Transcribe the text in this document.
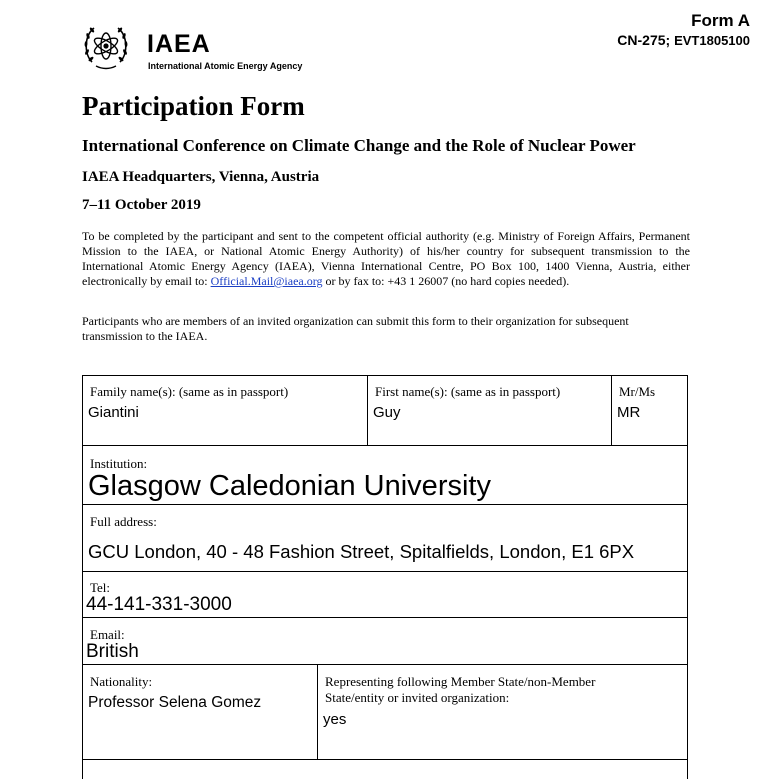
IAEA
International Atomic Energy Agency
Form A
CN-275; EVT1805100
Participation Form
International Conference on Climate Change and the Role of Nuclear Power
IAEA Headquarters, Vienna, Austria
7–11 October 2019

To be completed by the participant and sent to the competent official authority (e.g. Ministry of Foreign Affairs, Permanent Mission to the IAEA, or National Atomic Energy Authority) of his/her country for subsequent transmission to the International Atomic Energy Agency (IAEA), Vienna International Centre, PO Box 100, 1400 Vienna, Austria, either electronically by email to: Official.Mail@iaea.org or by fax to: +43 1 26007 (no hard copies needed).

Participants who are members of an invited organization can submit this form to their organization for subsequent transmission to the IAEA.

Family name(s): (same as in passport)
Giantini
First name(s): (same as in passport)
Guy
Mr/Ms
MR
Institution:
Glasgow Caledonian University
Full address:
GCU London, 40 - 48 Fashion Street, Spitalfields, London, E1 6PX
Tel:
44-141-331-3000
Email:
British
Nationality:
Professor Selena Gomez
Representing following Member State/non-Member
State/entity or invited organization:
yes
